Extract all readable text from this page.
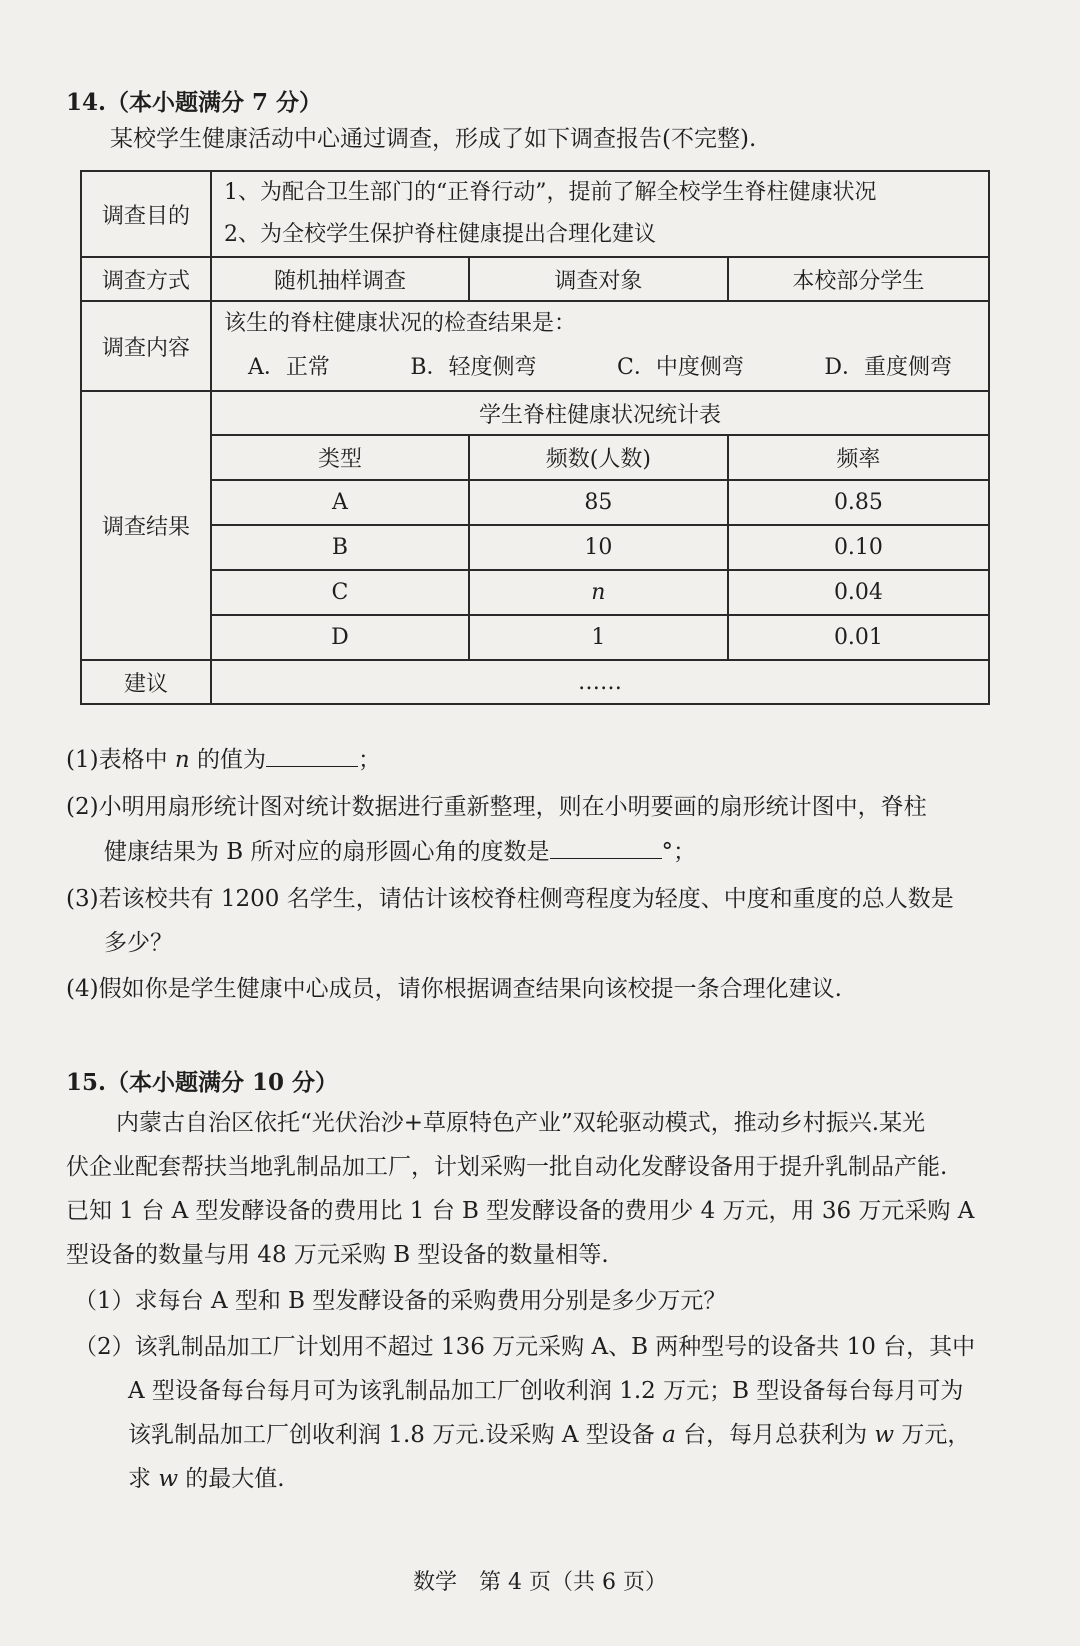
14.（本小题满分 7 分）
某校学生健康活动中心通过调查，形成了如下调查报告(不完整).
调查目的	1、为配合卫生部门的“正脊行动”，提前了解全校学生脊柱健康状况
2、为全校学生保护脊柱健康提出合理化建议		

调查方式	随机抽样调查	调查对象	本校部分学生
调查内容	该生的脊柱健康状况的检查结果是：
A．正常 B．轻度侧弯 C．中度侧弯 D．重度侧弯		

调查结果	学生脊柱健康状况统计表		
	类型	频数(人数)	频率
	A	85	0.85
	B	10	0.10
	C	n	0.04
	D	1	0.01
建议	……		
(1)表格中 n 的值为	；
(2)小明用扇形统计图对统计数据进行重新整理，则在小明要画的扇形统计图中，脊柱
健康结果为 B 所对应的扇形圆心角的度数是	°；
(3)若该校共有 1200 名学生，请估计该校脊柱侧弯程度为轻度、中度和重度的总人数是
多少？
(4)假如你是学生健康中心成员，请你根据调查结果向该校提一条合理化建议.
15.（本小题满分 10 分）
内蒙古自治区依托“光伏治沙+草原特色产业”双轮驱动模式，推动乡村振兴.某光
伏企业配套帮扶当地乳制品加工厂，计划采购一批自动化发酵设备用于提升乳制品产能.
已知 1 台 A 型发酵设备的费用比 1 台 B 型发酵设备的费用少 4 万元，用 36 万元采购 A
型设备的数量与用 48 万元采购 B 型设备的数量相等.
（1）求每台 A 型和 B 型发酵设备的采购费用分别是多少万元？
（2）该乳制品加工厂计划用不超过 136 万元采购 A、B 两种型号的设备共 10 台，其中
A 型设备每台每月可为该乳制品加工厂创收利润 1.2 万元；B 型设备每台每月可为
该乳制品加工厂创收利润 1.8 万元.设采购 A 型设备 a 台，每月总获利为 w 万元，
求 w 的最大值.
数学　第 4 页（共 6 页）
